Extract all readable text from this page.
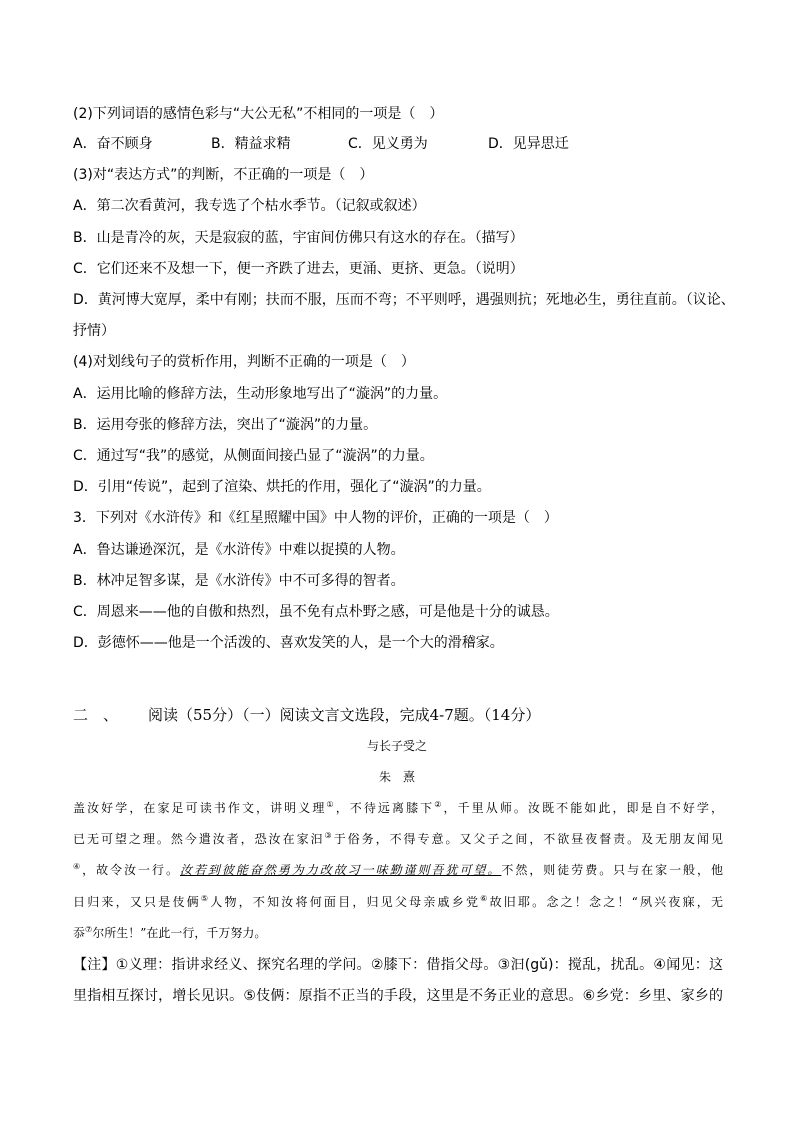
(2)下列词语的感情色彩与“大公无私”不相同的一项是（　）
A．奋不顾身	B．精益求精	C．见义勇为	D．见异思迁
(3)对“表达方式”的判断，不正确的一项是（　）
A．第二次看黄河，我专选了个枯水季节。（记叙或叙述）
B．山是青冷的灰，天是寂寂的蓝，宇宙间仿佛只有这水的存在。（描写）
C．它们还来不及想一下，便一齐跌了进去，更涌、更挤、更急。（说明）
D．黄河博大宽厚，柔中有刚；扶而不服，压而不弯；不平则呼，遇强则抗；死地必生，勇往直前。（议论、
抒情）
(4)对划线句子的赏析作用，判断不正确的一项是（　）
A．运用比喻的修辞方法，生动形象地写出了“漩涡”的力量。
B．运用夸张的修辞方法，突出了“漩涡”的力量。
C．通过写“我”的感觉，从侧面间接凸显了“漩涡”的力量。
D．引用“传说”，起到了渲染、烘托的作用，强化了“漩涡”的力量。
3．下列对《水浒传》和《红星照耀中国》中人物的评价，正确的一项是（　）
A．鲁达谦逊深沉，是《水浒传》中难以捉摸的人物。
B．林冲足智多谋，是《水浒传》中不可多得的智者。
C．周恩来——他的自傲和热烈，虽不免有点朴野之感，可是他是十分的诚恳。
D．彭德怀——他是一个活泼的、喜欢发笑的人，是一个大的滑稽家。
二　、 阅读（55分）（一）阅读文言文选段，完成4-7题。（14分）
与长子受之
朱　熹
盖汝好学，在家足可读书作文，讲明义理①，不待远离膝下②，千里从师。汝既不能如此，即是自不好学，
已无可望之理。然今遣汝者，恐汝在家汩③于俗务，不得专意。又父子之间，不欲昼夜督责。及无朋友闻见
④，故令汝一行。汝若到彼能奋然勇为力改故习一味勤谨则吾犹可望。不然，则徒劳费。只与在家一般，他
日归来，又只是伎俩⑤人物，不知汝将何面目，归见父母亲戚乡党⑥故旧耶。念之！念之！“夙兴夜寐，无
忝⑦尔所生！”在此一行，千万努力。
【注】①义理：指讲求经义、探究名理的学问。②膝下：借指父母。③汩(gǔ)：搅乱，扰乱。④闻见：这
里指相互探讨，增长见识。⑤伎俩：原指不正当的手段，这里是不务正业的意思。⑥乡党：乡里、家乡的
